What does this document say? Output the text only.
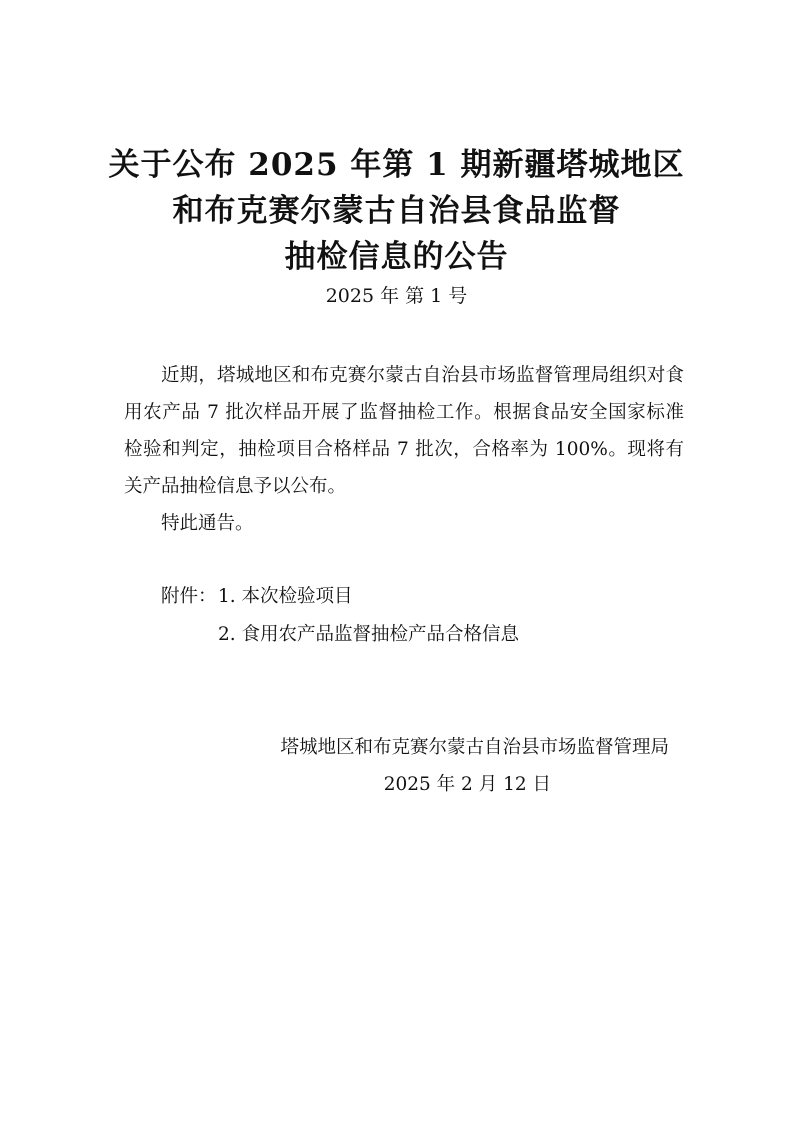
关于公布 2025 年第 1 期新疆塔城地区
和布克赛尔蒙古自治县食品监督
抽检信息的公告
2025 年 第 1 号

近期，塔城地区和布克赛尔蒙古自治县市场监督管理局组织对食用农产品 7 批次样品开展了监督抽检工作。根据食品安全国家标准检验和判定，抽检项目合格样品 7 批次，合格率为 100%。现将有关产品抽检信息予以公布。

特此通告。

附件： 1. 本次检验项目
2. 食用农产品监督抽检产品合格信息
塔城地区和布克赛尔蒙古自治县市场监督管理局
2025 年 2 月 12 日
